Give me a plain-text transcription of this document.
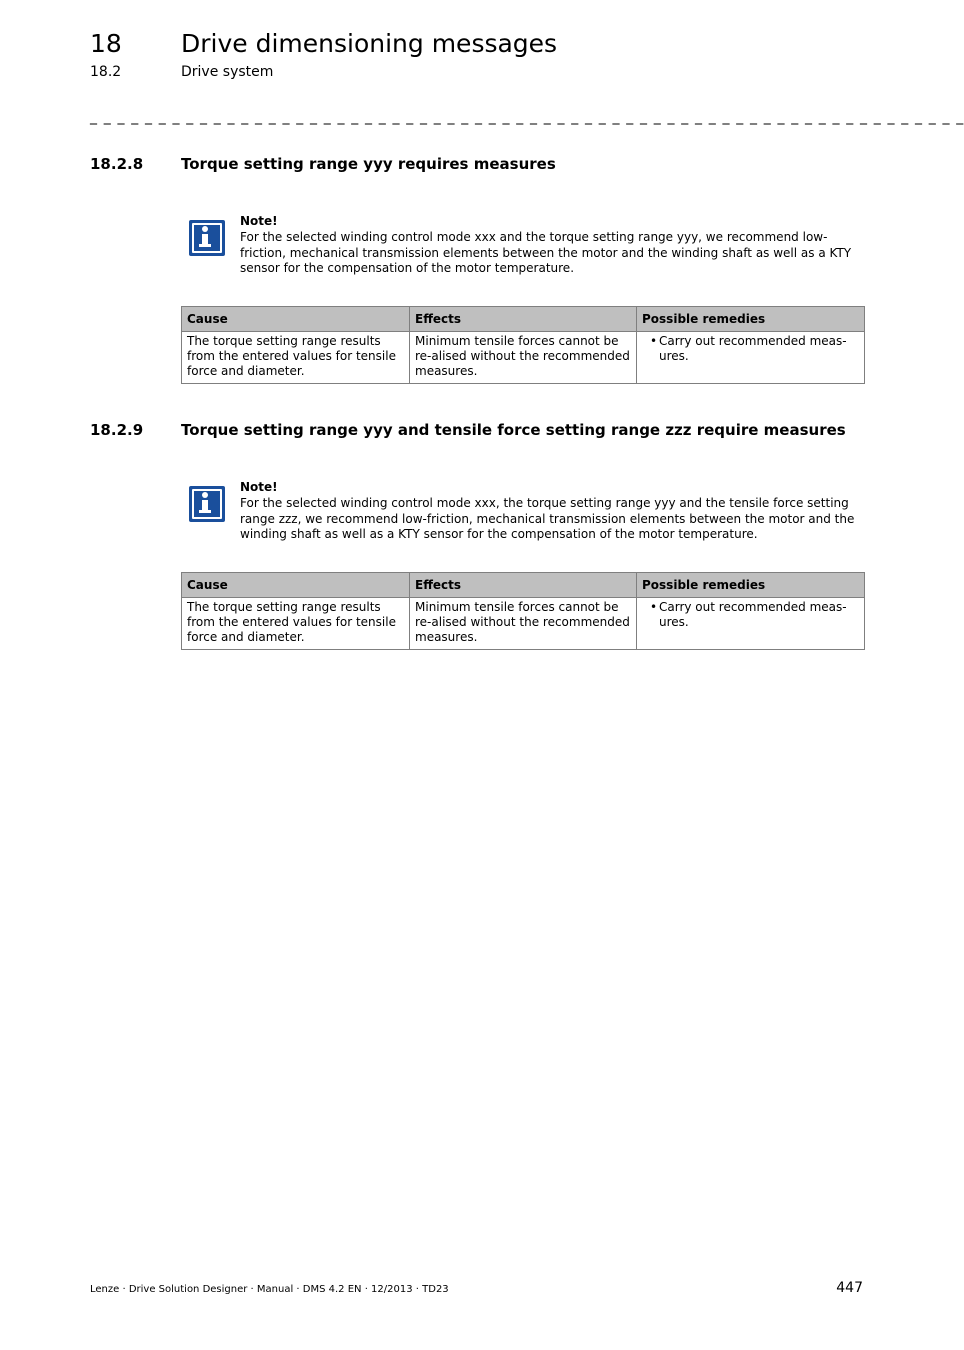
18 Drive dimensioning messages
18.2	Drive system
_ _ _ _ _ _ _ _ _ _ _ _ _ _ _ _ _ _ _ _ _ _ _ _ _ _ _ _ _ _ _ _ _ _ _ _ _ _ _ _ _ _ _ _ _ _ _ _ _ _ _ _ _ _ _ _ _ _ _ _ _ _ _ _
18.2.8	Torque setting range yyy requires measures
Note!
For the selected winding control mode xxx and the torque setting range yyy, we recommend low-friction, mechanical transmission elements between the motor and the winding shaft as well as a KTY sensor for the compensation of the motor temperature.
Cause	Effects	Possible remedies
The torque setting range results from the entered values for tensile force and diameter.	Minimum tensile forces cannot be re-alised without the recommended measures.	• Carry out recommended meas-ures.
18.2.9	Torque setting range yyy and tensile force setting range zzz require measures
Note!
For the selected winding control mode xxx, the torque setting range yyy and the tensile force setting range zzz, we recommend low-friction, mechanical transmission elements between the motor and the winding shaft as well as a KTY sensor for the compensation of the motor temperature.
Cause	Effects	Possible remedies
The torque setting range results from the entered values for tensile force and diameter.	Minimum tensile forces cannot be re-alised without the recommended measures.	• Carry out recommended meas-ures.
Lenze · Drive Solution Designer · Manual · DMS 4.2 EN · 12/2013 · TD23	447
